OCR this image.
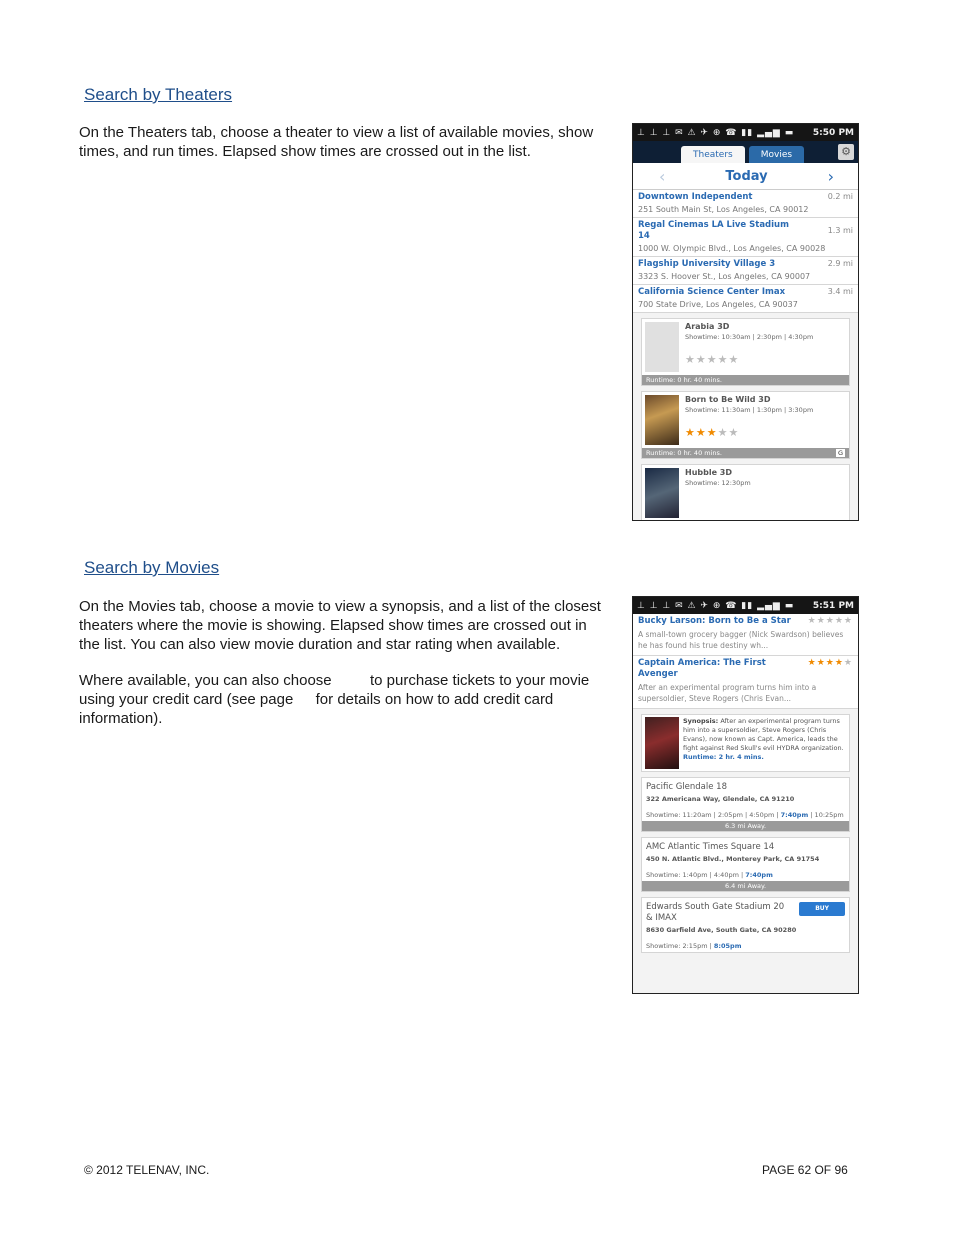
Search by Theaters

On the Theaters tab, choose a theater to view a list of available movies, show times, and run times. Elapsed show times are crossed out in the list.

⊥ ⊥ ⊥ ✉ ⚠ ✈ ⊕ ☎ ▮▮ ▂▄▆ ▬	5:50 PM
Theaters	Movies	⚙
‹	Today	›
Downtown Independent	0.2 mi
251 South Main St, Los Angeles, CA 90012
Regal Cinemas LA Live Stadium 14
1.3 mi
1000 W. Olympic Blvd., Los Angeles, CA 90028
Flagship University Village 3	2.9 mi
3323 S. Hoover St., Los Angeles, CA 90007
California Science Center Imax	3.4 mi
700 State Drive, Los Angeles, CA 90037
Arabia 3D
Showtime: 10:30am | 2:30pm | 4:30pm
★★★★★
Runtime: 0 hr. 40 mins.
Born to Be Wild 3D
Showtime: 11:30am | 1:30pm | 3:30pm
★★★★★
Runtime: 0 hr. 40 mins.	G
Hubble 3D
Showtime: 12:30pm
Search by Movies

On the Movies tab, choose a movie to view a synopsis, and a list of the closest theaters where the movie is showing. Elapsed show times are crossed out in the list. You can also view movie duration and star rating when available.

Where available, you can also choose	to purchase tickets to your movie using your credit card (see page for details on how to add credit card information).

⊥ ⊥ ⊥ ✉ ⚠ ✈ ⊕ ☎ ▮▮ ▂▄▆ ▬	5:51 PM
Bucky Larson: Born to Be a Star ★★★★★
A small-town grocery bagger (Nick Swardson) believes he has found his true destiny wh...
Captain America: The First Avenger
★★★★★
After an experimental program turns him into a supersoldier, Steve Rogers (Chris Evan...
Synopsis: After an experimental program turns him into a supersoldier, Steve Rogers (Chris Evans), now known as Capt. America, leads the fight against Red Skull's evil HYDRA organization.
Runtime: 2 hr. 4 mins.
Pacific Glendale 18
322 Americana Way, Glendale, CA 91210
Showtime: 11:20am | 2:05pm | 4:50pm | 7:40pm | 10:25pm
6.3 mi Away.
AMC Atlantic Times Square 14
450 N. Atlantic Blvd., Monterey Park, CA 91754
Showtime: 1:40pm | 4:40pm | 7:40pm
6.4 mi Away.
Edwards South Gate Stadium 20 & IMAX
BUY
8630 Garfield Ave, South Gate, CA 90280
Showtime: 2:15pm | 8:05pm
© 2012 TELENAV, INC.	PAGE 62 OF 96
